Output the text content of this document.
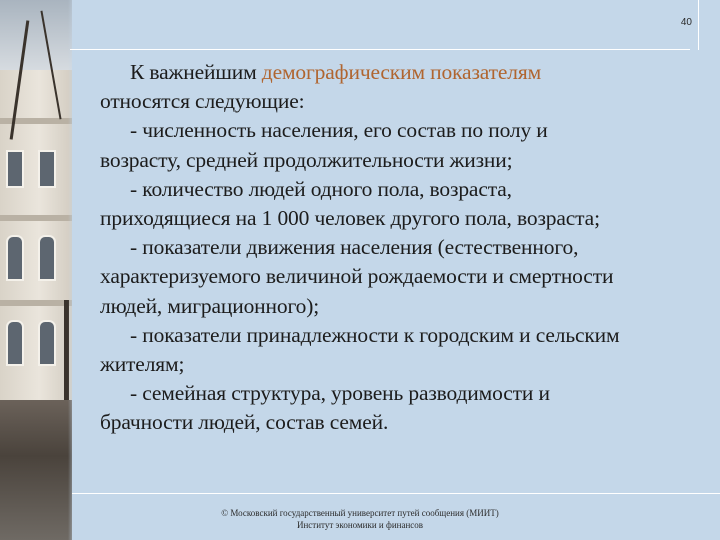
40
К важнейшим демографическим показателям
относятся следующие:
- численность населения, его состав по полу и
возрасту, средней продолжительности жизни;
- количество людей одного пола, возраста,
приходящиеся на 1 000 человек другого пола, возраста;
- показатели движения населения (естественного,
характеризуемого величиной рождаемости и смертности
людей, миграционного);
- показатели принадлежности к городским и сельским
жителям;
- семейная структура, уровень разводимости и
брачности людей, состав семей.
© Московский государственный университет путей сообщения (МИИТ)
Институт экономики и финансов
